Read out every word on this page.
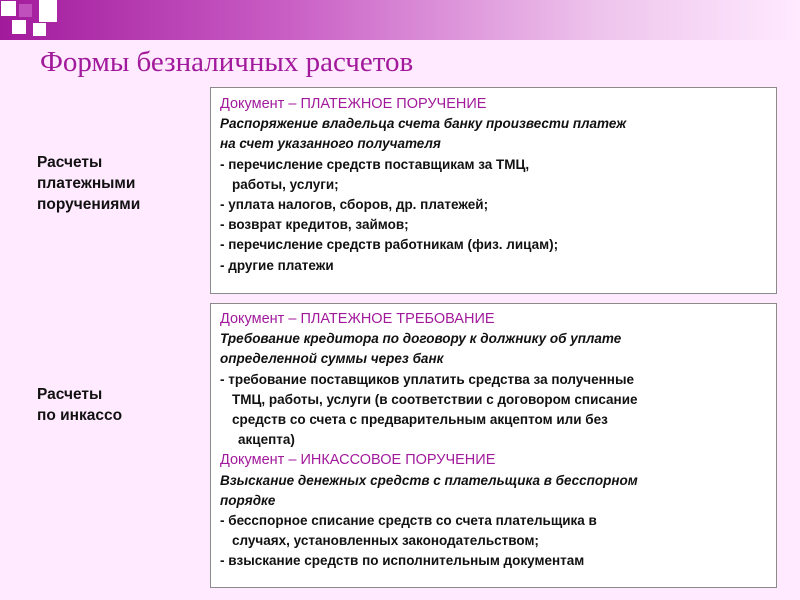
Формы безналичных расчетов
Расчеты
платежными
поручениями
Документ – ПЛАТЕЖНОЕ ПОРУЧЕНИЕ
Распоряжение владельца счета банку произвести платеж
на счет указанного получателя
- перечисление средств поставщикам за ТМЦ,
работы, услуги;
- уплата налогов, сборов, др. платежей;
- возврат кредитов, займов;
- перечисление средств работникам (физ. лицам);
- другие платежи
Расчеты
по инкассо
Документ – ПЛАТЕЖНОЕ ТРЕБОВАНИЕ
Требование кредитора по договору к должнику об уплате
определенной суммы через банк
- требование поставщиков уплатить средства за полученные
ТМЦ, работы, услуги (в соответствии с договором списание
средств со счета с предварительным акцептом или без
акцепта)
Документ – ИНКАССОВОЕ ПОРУЧЕНИЕ
Взыскание денежных средств с плательщика в бесспорном
порядке
- бесспорное списание средств со счета плательщика в
случаях, установленных законодательством;
- взыскание средств по исполнительным документам
